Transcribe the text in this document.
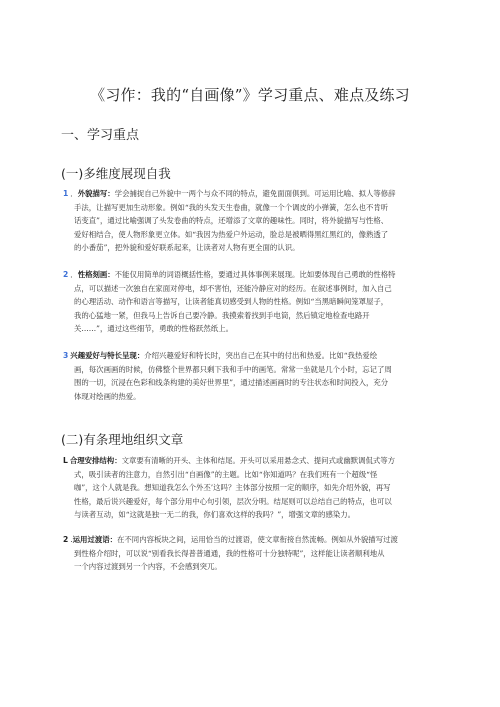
《习作：我的“自画像”》学习重点、难点及练习
一、学习重点
(一)多维度展现自我
1 ．外貌描写：学会捕捉自己外貌中一两个与众不同的特点，避免面面俱到。可运用比喻、拟人等修辞
手法，让描写更加生动形象。例如“我的头发天生卷曲，就像一个个调皮的小弹簧，怎么也不肯听
话变直”，通过比喻强调了头发卷曲的特点，还增添了文章的趣味性。同时，将外貌描写与性格、
爱好相结合，使人物形象更立体。如“我因为热爱户外运动，脸总是被晒得黑红黑红的，像熟透了
的小番茄”，把外貌和爱好联系起来，让读者对人物有更全面的认识。
2 ．性格刻画：不能仅用简单的词语概括性格，要通过具体事例来展现。比如要体现自己勇敢的性格特
点，可以描述一次独自在家面对停电，却不害怕，还能冷静应对的经历。在叙述事例时，加入自己
的心理活动、动作和语言等描写，让读者能真切感受到人物的性格。例如“当黑暗瞬间笼罩屋子，
我的心猛地一紧，但我马上告诉自己要冷静。我摸索着找到手电筒，然后镇定地检查电路开
关……”，通过这些细节，勇敢的性格跃然纸上。
3 兴趣爱好与特长呈现：介绍兴趣爱好和特长时，突出自己在其中的付出和热爱。比如“我热爱绘
画，每次画画的时候，仿佛整个世界都只剩下我和手中的画笔。常常一坐就是几个小时，忘记了周
围的一切，沉浸在色彩和线条构建的美好世界里”，通过描述画画时的专注状态和时间投入，充分
体现对绘画的热爱。
(二)有条理地组织文章
L 合理安排结构：文章要有清晰的开头、主体和结尾。开头可以采用悬念式、提问式或幽默调侃式等方
式，吸引读者的注意力，自然引出“自画像”的主题。比如“你知道吗？在我们班有一个超级“怪
咖”，这个人就是我。想知道我怎么个外丕’这吗？主体部分按照一定的顺序，如先介绍外貌，再写
性格，最后说兴趣爱好，每个部分用中心句引领，层次分明。结尾则可以总结自己的特点，也可以
与读者互动，如“这就是独一无二的我，你们喜欢这样的我吗？”，增强文章的感染力。
2 .运用过渡语：在不同内容板块之间，运用恰当的过渡语，使文章衔接自然流畅。例如从外貌描写过渡
到性格介绍时，可以说“别看我长得普普通通，我的性格可十分独特呢”，这样能让读者顺利地从
一个内容过渡到另一个内容，不会感到突兀。
